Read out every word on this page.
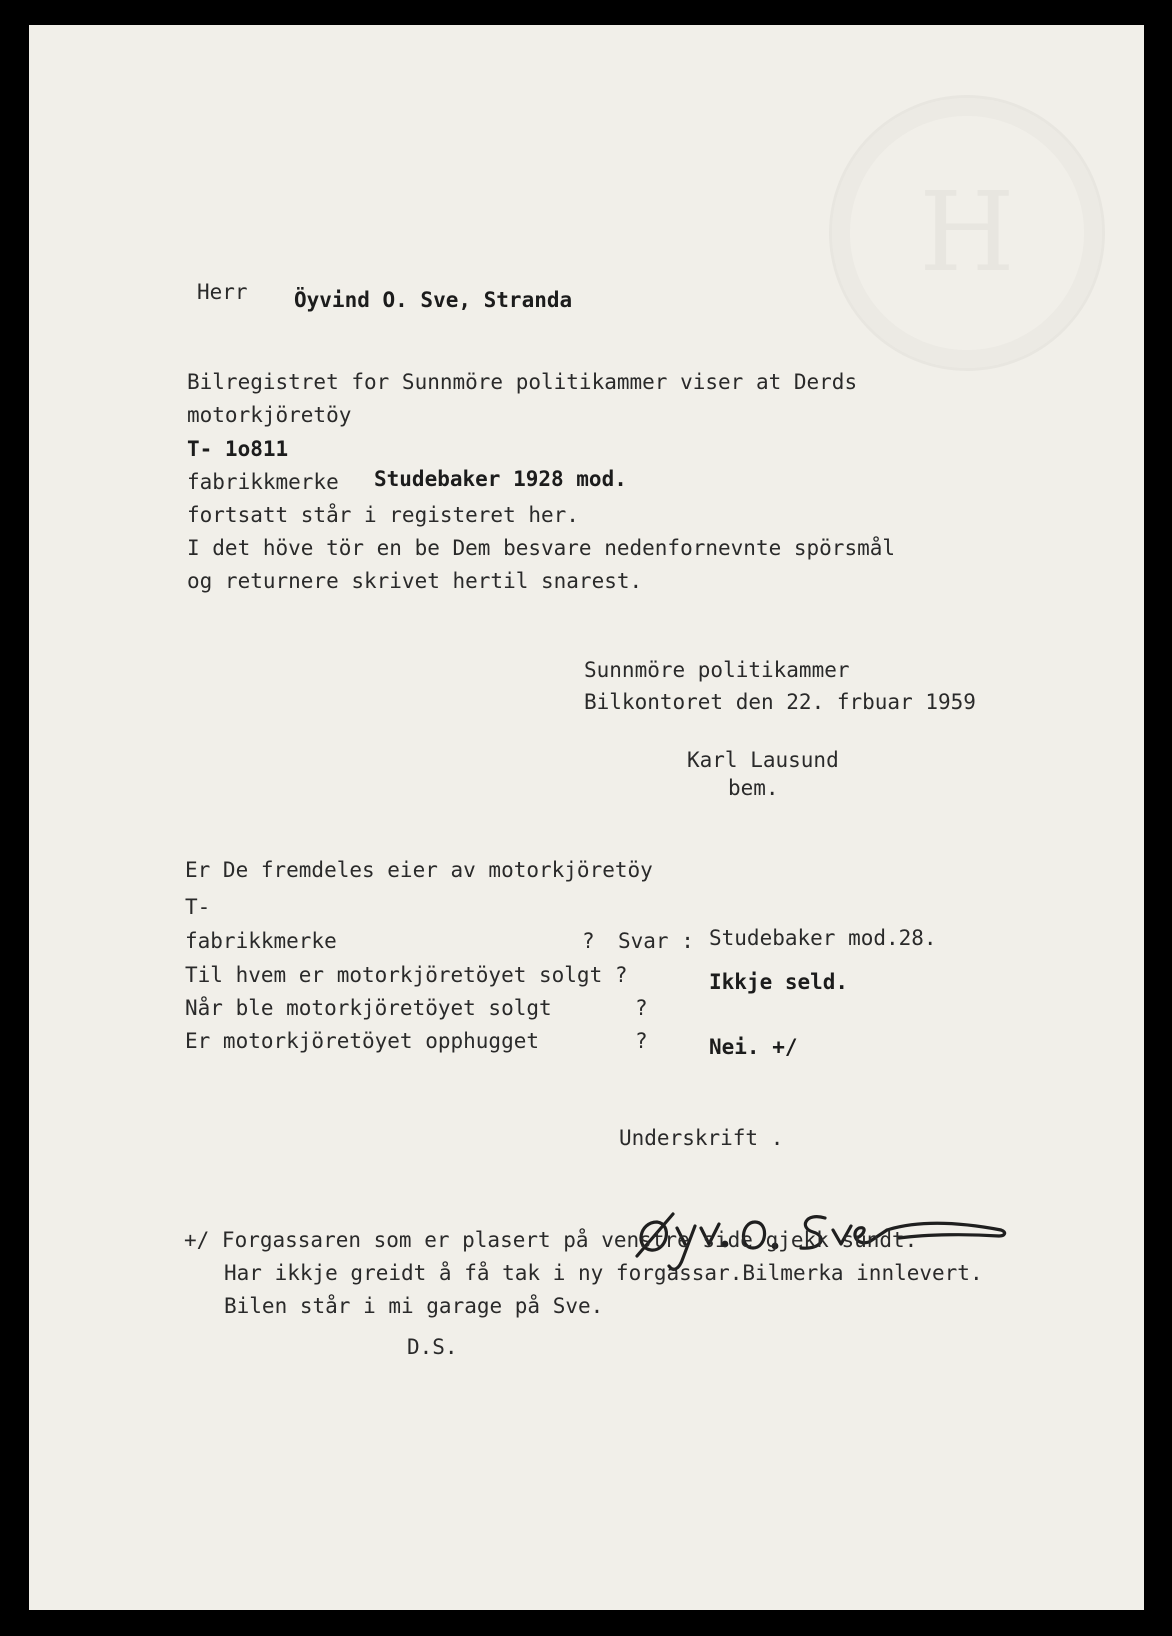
Herr Öyvind O. Sve, Stranda
Bilregistret for Sunnmöre politikammer viser at Derds
motorkjöretöy
T- 1o811
fabrikkmerke Studebaker 1928 mod.
fortsatt står i registeret her.
I det höve tör en be Dem besvare nedenfornevnte spörsmål
og returnere skrivet hertil snarest.
Sunnmöre politikammer
Bilkontoret den 22. frbuar 1959
Karl Lausund
bem.
Er De fremdeles eier av motorkjöretöy
T-
fabrikkmerke	? Svar : Studebaker mod.28.
Til hvem er motorkjöretöyet solgt ?	Ikkje seld.
Når ble motorkjöretöyet solgt	?
Er motorkjöretöyet opphugget	?	Nei. +/
Underskrift .
+/ Forgassaren som er plasert på venstre side gjekk sundt.
Har ikkje greidt å få tak i ny forgassar.Bilmerka innlevert.
Bilen står i mi garage på Sve.
D.S.
